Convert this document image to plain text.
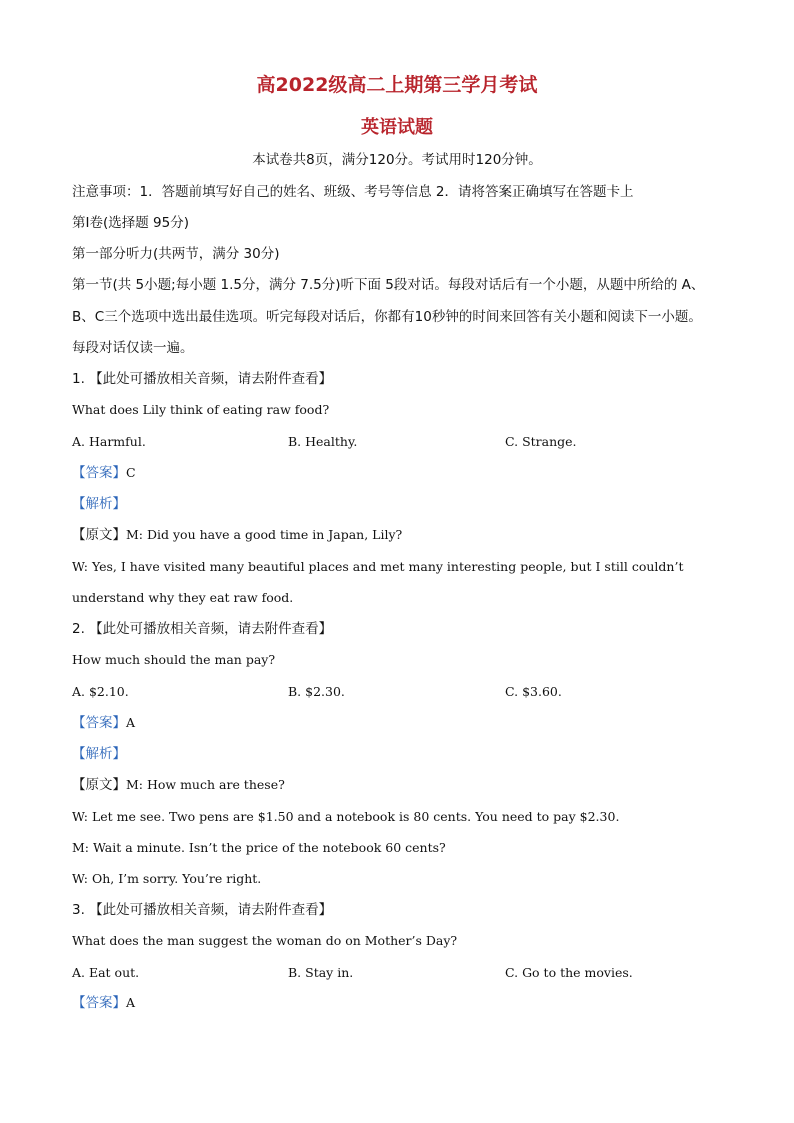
高2022级高二上期第三学月考试
英语试题
本试卷共8页，满分120分。考试用时120分钟。
注意事项：1．答题前填写好自己的姓名、班级、考号等信息 2．请将答案正确填写在答题卡上
第Ⅰ卷(选择题 95分)
第一部分听力(共两节，满分 30分)
第一节(共 5小题;每小题 1.5分，满分 7.5分)听下面 5段对话。每段对话后有一个小题，从题中所给的 A、
B、C三个选项中选出最佳选项。听完每段对话后，你都有10秒钟的时间来回答有关小题和阅读下一小题。
每段对话仅读一遍。
1. 【此处可播放相关音频，请去附件查看】
What does Lily think of eating raw food?
A. Harmful.	B. Healthy.	C. Strange.
【答案】C
【解析】
【原文】M: Did you have a good time in Japan, Lily?
W: Yes, I have visited many beautiful places and met many interesting people, but I still couldn’t
understand why they eat raw food.
2. 【此处可播放相关音频，请去附件查看】
How much should the man pay?
A. $2.10.	B. $2.30.	C. $3.60.
【答案】A
【解析】
【原文】M: How much are these?
W: Let me see. Two pens are $1.50 and a notebook is 80 cents. You need to pay $2.30.
M: Wait a minute. Isn’t the price of the notebook 60 cents?
W: Oh, I’m sorry. You’re right.
3. 【此处可播放相关音频，请去附件查看】
What does the man suggest the woman do on Mother’s Day?
A. Eat out.	B. Stay in.	C. Go to the movies.
【答案】A
